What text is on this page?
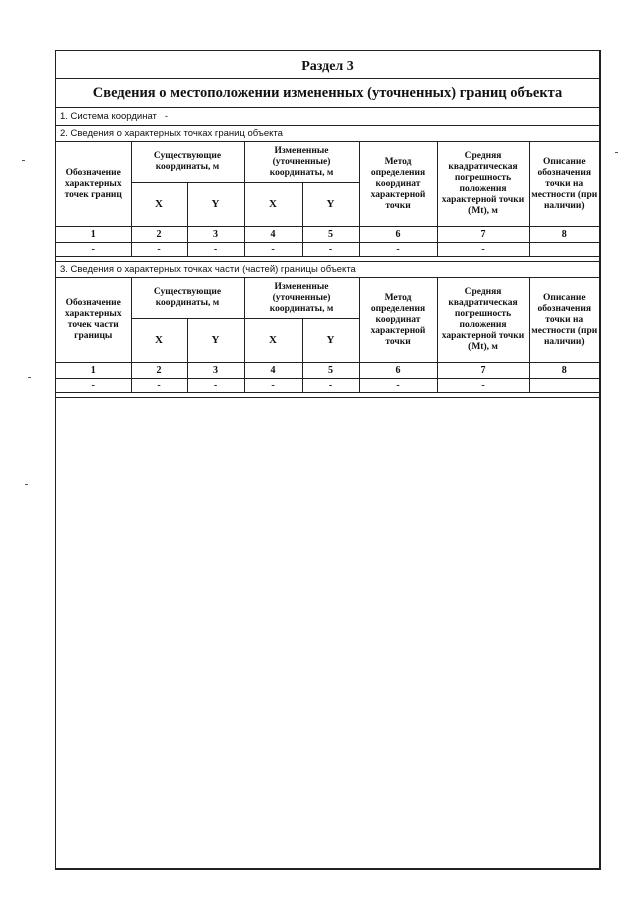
Раздел 3
Сведения о местоположении измененных (уточненных) границ объекта
1. Система координат
-
2. Сведения о характерных точках границ объекта
Обозначение характерных точек границ	Существующие координаты, м		Измененные (уточненные) координаты, м		Метод определения координат характерной точки	Средняя квадратическая погрешность положения характерной точки (Mt), м	Описание обозначения точки на местности (при наличии)
	X	Y	X	Y			
1	2	3	4	5	6	7	8
-	-	-	-	-	-	-	
3. Сведения о характерных точках части (частей) границы объекта
Обозначение характерных точек части границы	Существующие координаты, м		Измененные (уточненные) координаты, м		Метод определения координат характерной точки	Средняя квадратическая погрешность положения характерной точки (Mt), м	Описание обозначения точки на местности (при наличии)
	X	Y	X	Y			
1	2	3	4	5	6	7	8
-	-	-	-	-	-	-	
